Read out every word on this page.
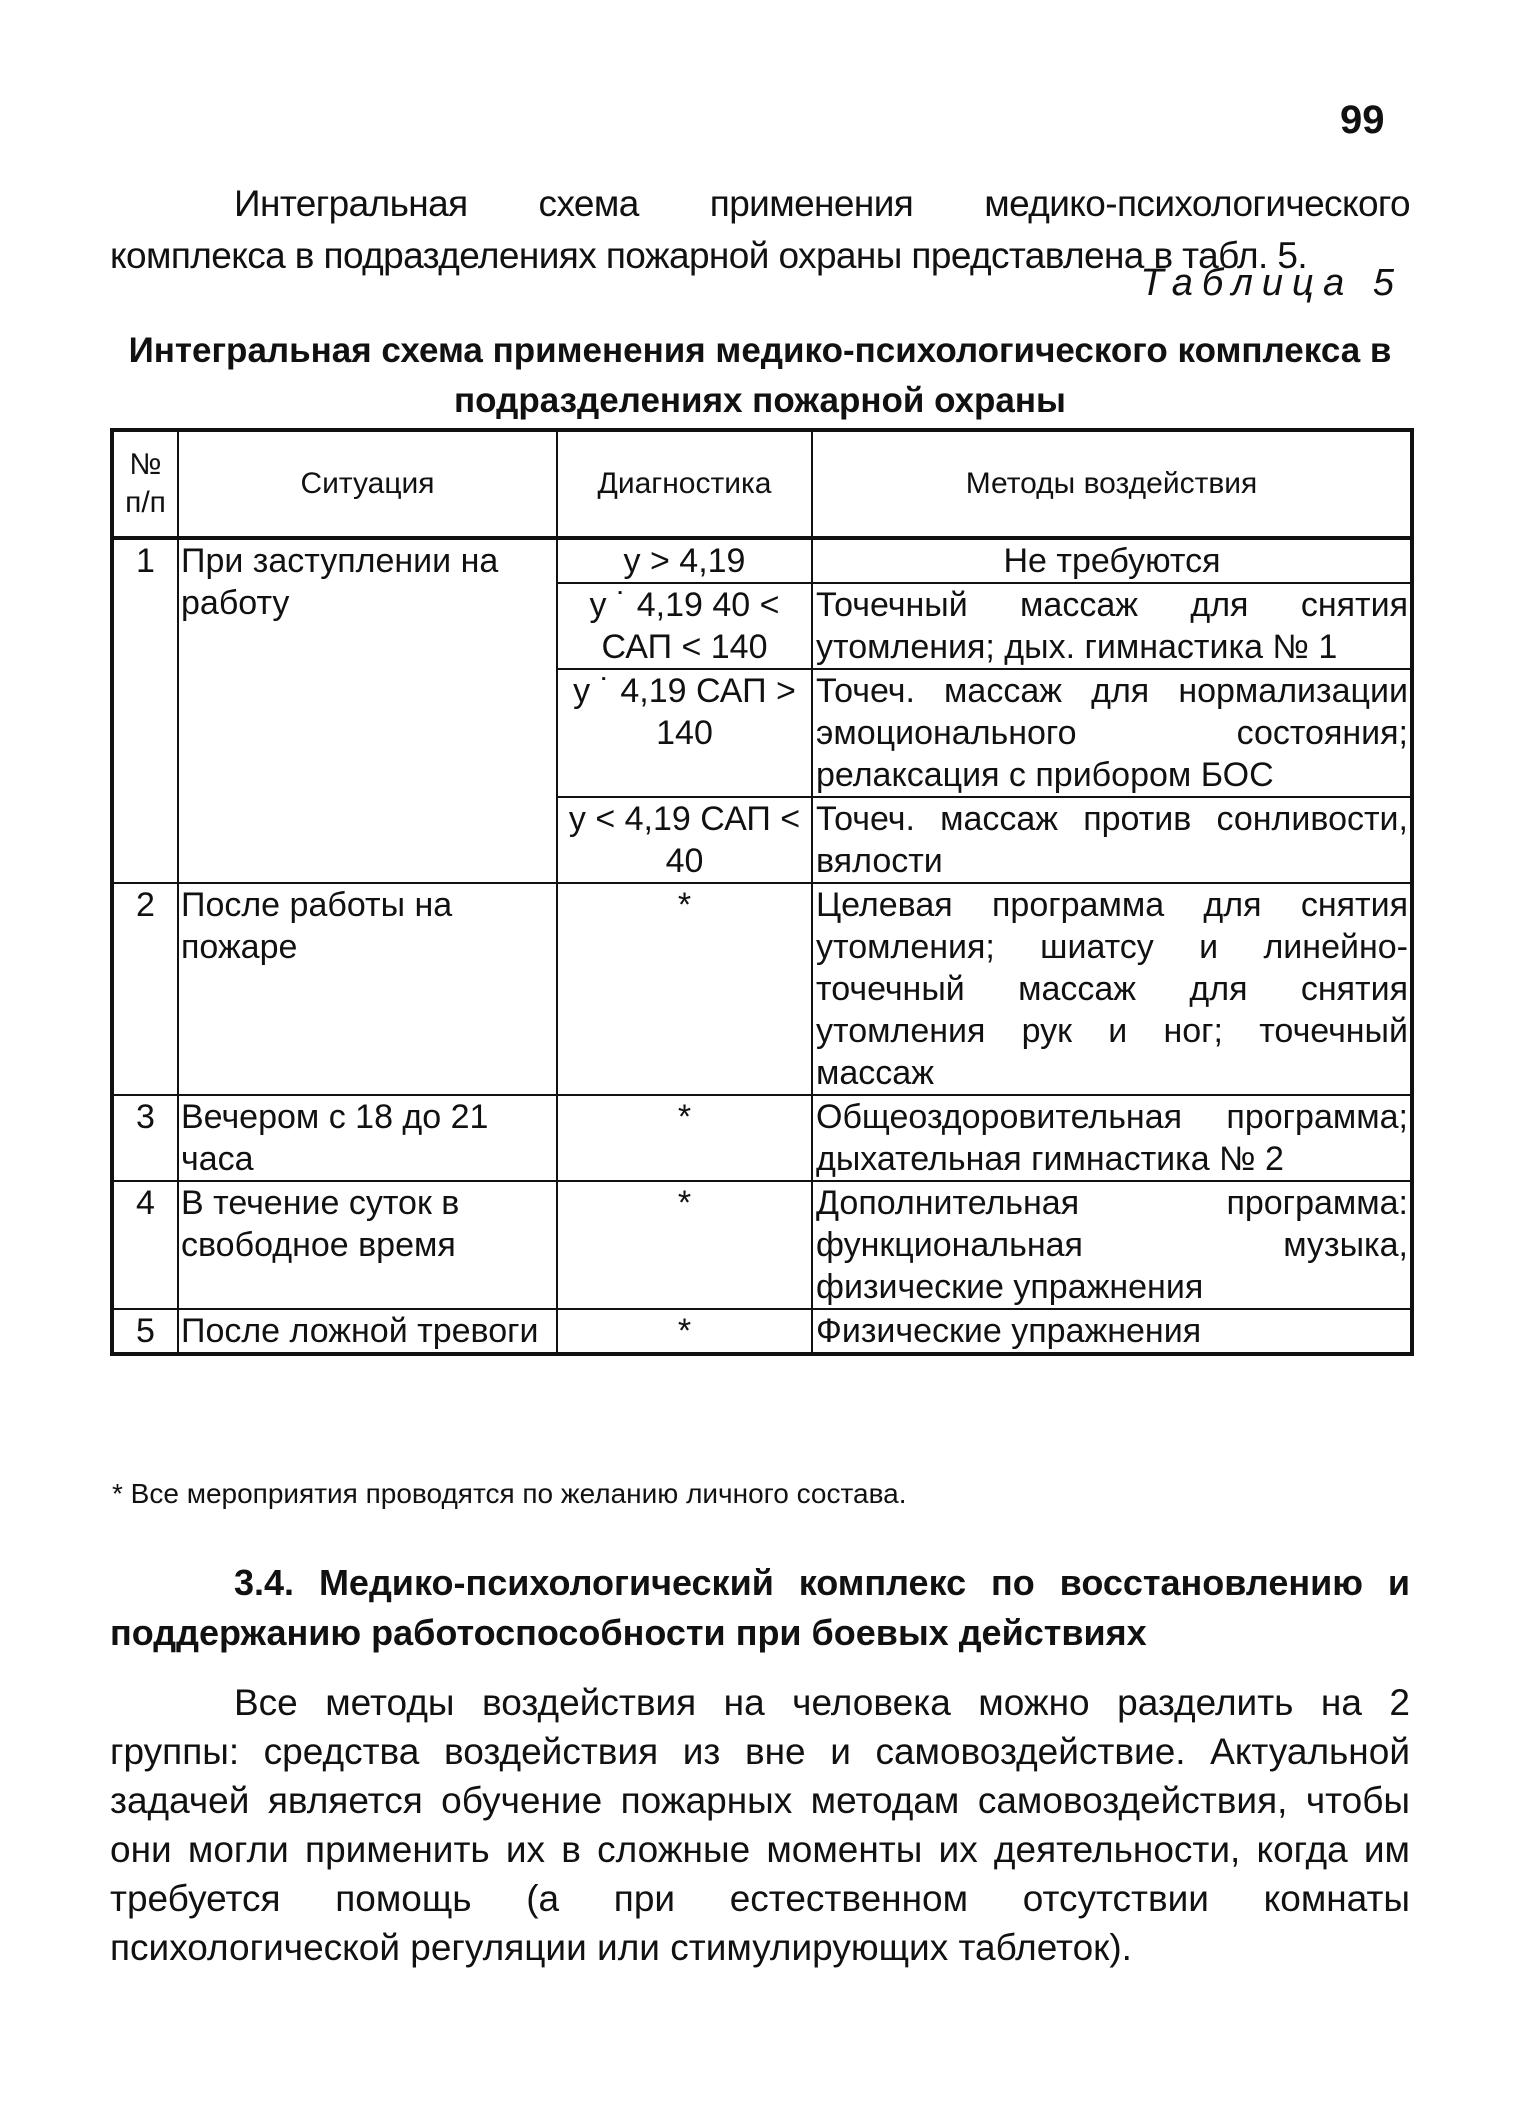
99
Интегральная схема применения медико-психологического комплекса в подразделениях пожарной охраны представлена в табл. 5.
Таблица 5
Интегральная схема применения медико-психологического комплекса в подразделениях пожарной охраны
№ п/п	Ситуация	Диагностика	Методы воздействия
1	При заступлении на работу	y > 4,19	Не требуются
		y ˙ 4,19 40 < САП < 140	Точечный массаж для снятия утомления; дых. гимнастика № 1
		y ˙ 4,19 САП > 140	Точеч. массаж для нормализации эмоционального состояния; релаксация с прибором БОС
		y < 4,19 САП < 40	Точеч. массаж против сонливости, вялости
2	После работы на пожаре	*	Целевая программа для снятия утомления; шиатсу и линейно-точечный массаж для снятия утомления рук и ног; точечный массаж
3	Вечером с 18 до 21 часа	*	Общеоздоровительная программа; дыхательная гимнастика № 2
4	В течение суток в свободное время	*	Дополнительная программа: функциональная музыка, физические упражнения
5	После ложной тревоги	*	Физические упражнения
* Все мероприятия проводятся по желанию личного состава.
3.4. Медико-психологический комплекс по восстановлению и поддержанию работоспособности при боевых действиях
Все методы воздействия на человека можно разделить на 2 группы: средства воздействия из вне и самовоздействие. Актуальной задачей является обучение пожарных методам самовоздействия, чтобы они могли применить их в сложные моменты их деятельности, когда им требуется помощь (а при естественном отсутствии комнаты психологической регуляции или стимулирующих таблеток).
